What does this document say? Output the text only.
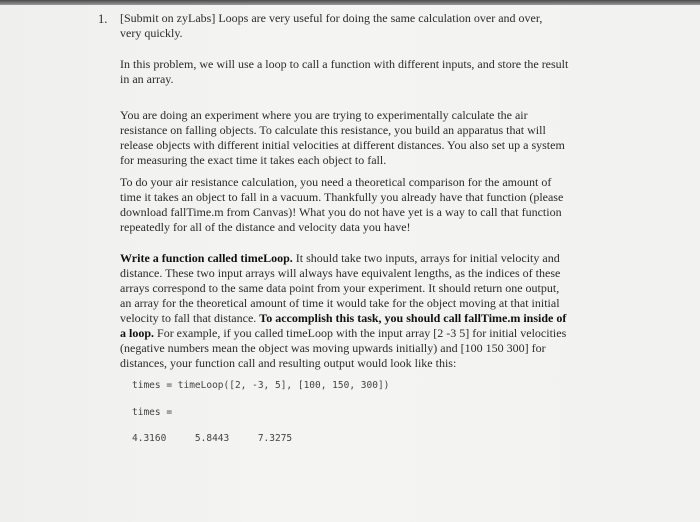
1. [Submit on zyLabs] Loops are very useful for doing the same calculation over and over, very quickly.

In this problem, we will use a loop to call a function with different inputs, and store the result in an array.

You are doing an experiment where you are trying to experimentally calculate the air resistance on falling objects. To calculate this resistance, you build an apparatus that will release objects with different initial velocities at different distances. You also set up a system for measuring the exact time it takes each object to fall.

To do your air resistance calculation, you need a theoretical comparison for the amount of time it takes an object to fall in a vacuum. Thankfully you already have that function (please download fallTime.m from Canvas)! What you do not have yet is a way to call that function repeatedly for all of the distance and velocity data you have!

Write a function called timeLoop. It should take two inputs, arrays for initial velocity and distance. These two input arrays will always have equivalent lengths, as the indices of these arrays correspond to the same data point from your experiment. It should return one output, an array for the theoretical amount of time it would take for the object moving at that initial velocity to fall that distance. To accomplish this task, you should call fallTime.m inside of a loop. For example, if you called timeLoop with the input array [2 -3 5] for initial velocities (negative numbers mean the object was moving upwards initially) and [100 150 300] for distances, your function call and resulting output would look like this:

times = timeLoop([2, -3, 5], [100, 150, 300])
times =
4.3160     5.8443     7.3275
